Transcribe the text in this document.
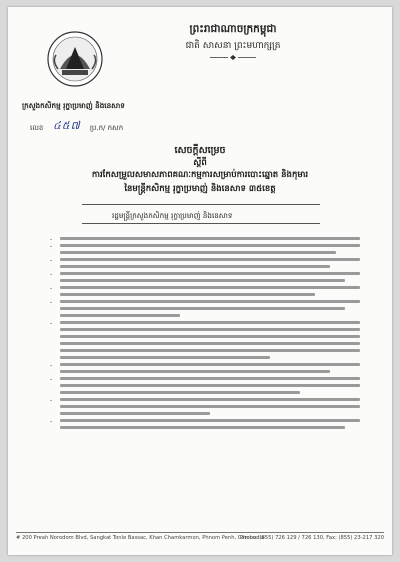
ព្រះរាជាណាចក្រកម្ពុជា
ជាតិ សាសនា ព្រះមហាក្សត្រ
ក្រសួងកសិកម្ម រុក្ខាប្រមាញ់ និងនេសាទ
លេខ	ប្រ.ក/ កសក
៤៥៧
សេចក្តីសម្រេច
ស្តីពី
ការកែសម្រួលសមាសភាពគណៈកម្មការសម្រាប់ការបោះឆ្នោត និងកុមារ
នៃមន្ត្រីកសិកម្ម រុក្ខាប្រមាញ់ និងនេសាទ ៣៥ខេត្ត
រដ្ឋមន្ត្រីក្រសួងកសិកម្ម រុក្ខាប្រមាញ់ និងនេសាទ
-
-
-
-
-
-
-
-
-
-
-
# 200 Preah Norodom Blvd, Sangkat Tonle Bassac, Khan Chamkarmon, Phnom Penh, Cambodia
Phone: (855) 726 129 / 726 130, Fax: (855) 23-217 320
